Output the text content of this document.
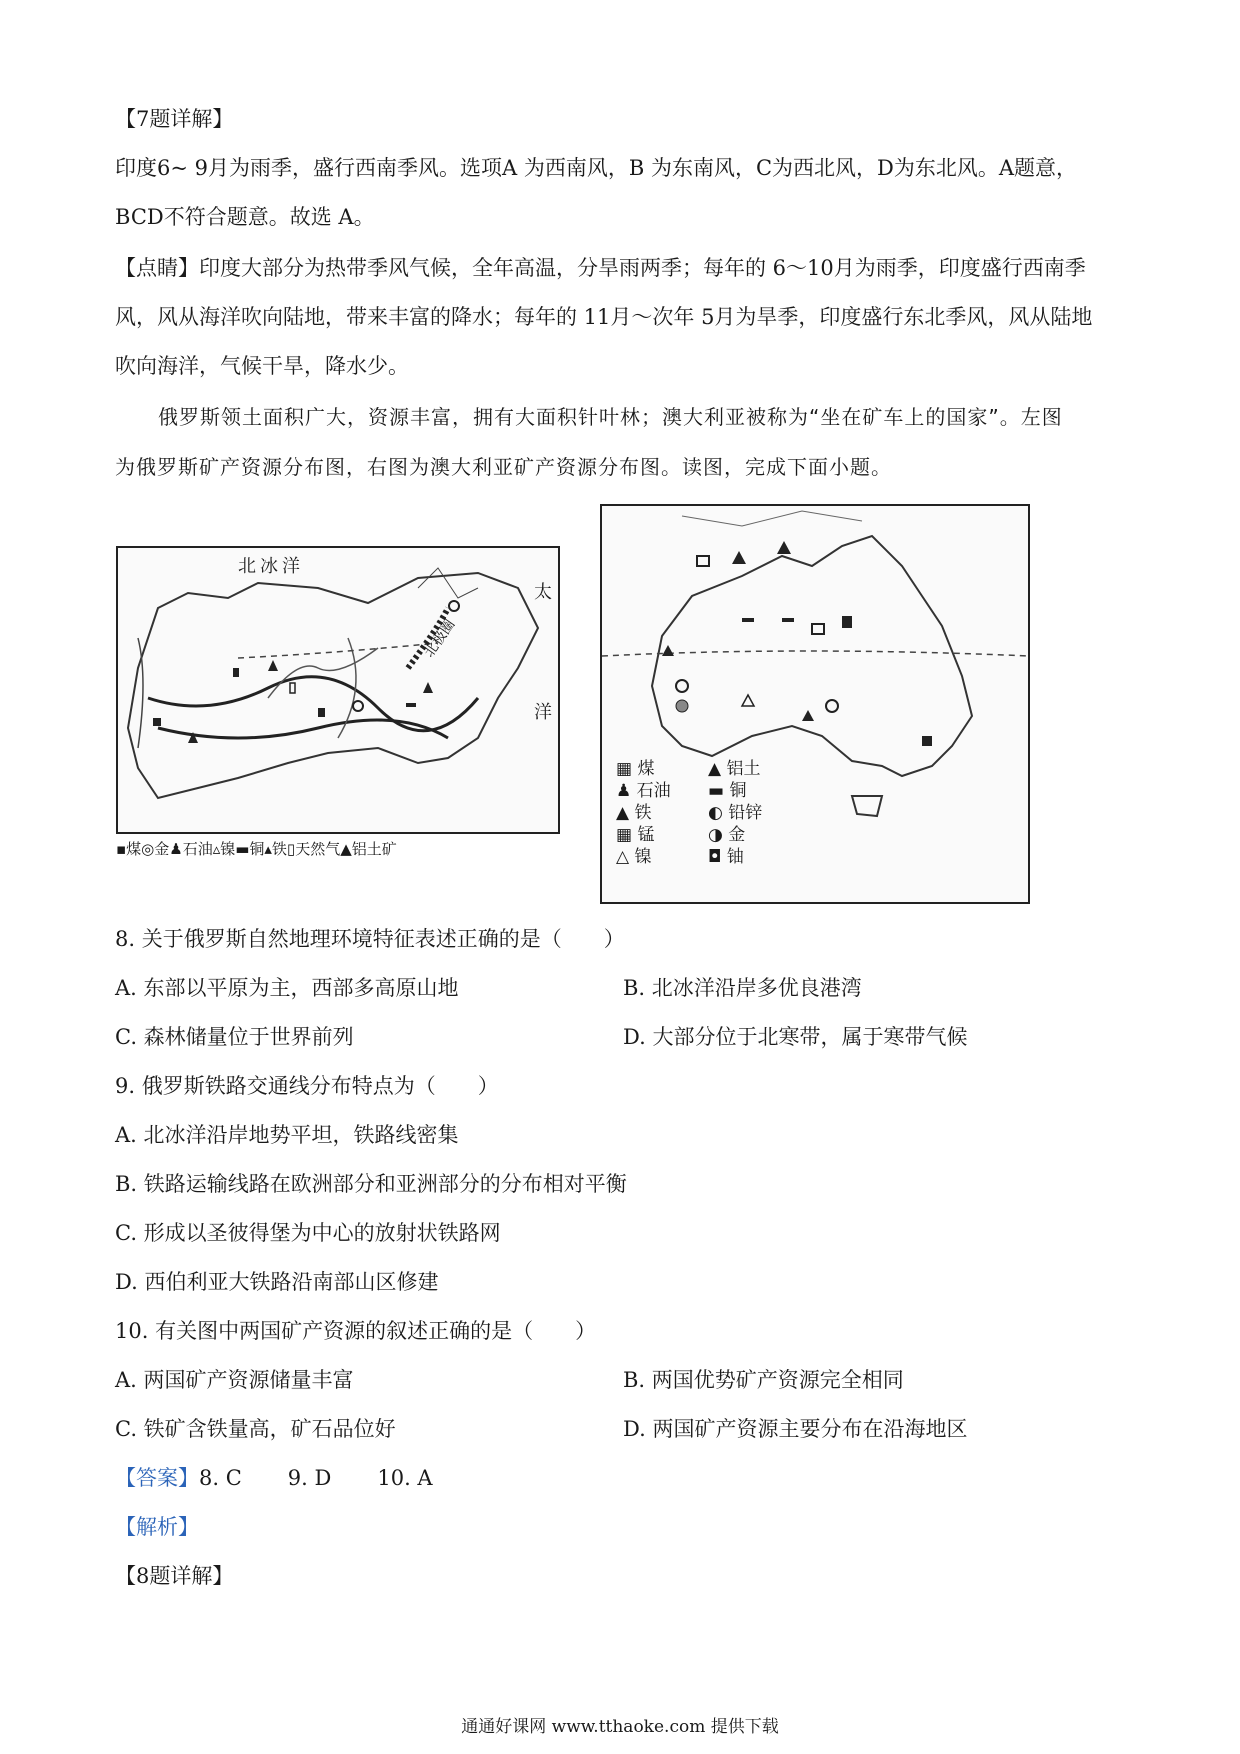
【7题详解】
印度6~ 9月为雨季，盛行西南季风。选项A 为西南风，B 为东南风，C为西北风，D为东北风。A题意，
BCD不符合题意。故选 A。
【点睛】印度大部分为热带季风气候，全年高温，分旱雨两季；每年的 6～10月为雨季，印度盛行西南季
风，风从海洋吹向陆地，带来丰富的降水；每年的 11月～次年 5月为旱季，印度盛行东北季风，风从陆地
吹向海洋，气候干旱，降水少。
俄罗斯领土面积广大，资源丰富，拥有大面积针叶林；澳大利亚被称为“坐在矿车上的国家”。左图
为俄罗斯矿产资源分布图，右图为澳大利亚矿产资源分布图。读图，完成下面小题。
北冰洋
北极圈
太
洋
▪煤◎金♟石油▵镍▬铜▴铁▯天然气▲铝土矿
▦ 煤	▲ 铝土
♟ 石油 ▬ 铜
▲ 铁	◐ 铅锌
▦ 锰	◑ 金
△ 镍	◘ 铀
8. 关于俄罗斯自然地理环境特征表述正确的是（　　）
A. 东部以平原为主，西部多高原山地	B. 北冰洋沿岸多优良港湾
C. 森林储量位于世界前列	D. 大部分位于北寒带，属于寒带气候
9. 俄罗斯铁路交通线分布特点为（　　）
A. 北冰洋沿岸地势平坦，铁路线密集
B. 铁路运输线路在欧洲部分和亚洲部分的分布相对平衡
C. 形成以圣彼得堡为中心的放射状铁路网
D. 西伯利亚大铁路沿南部山区修建
10. 有关图中两国矿产资源的叙述正确的是（　　）
A. 两国矿产资源储量丰富	B. 两国优势矿产资源完全相同
C. 铁矿含铁量高，矿石品位好	D. 两国矿产资源主要分布在沿海地区
【答案】8. C 9. D 10. A
【解析】
【8题详解】
通通好课网 www.tthaoke.com 提供下载
